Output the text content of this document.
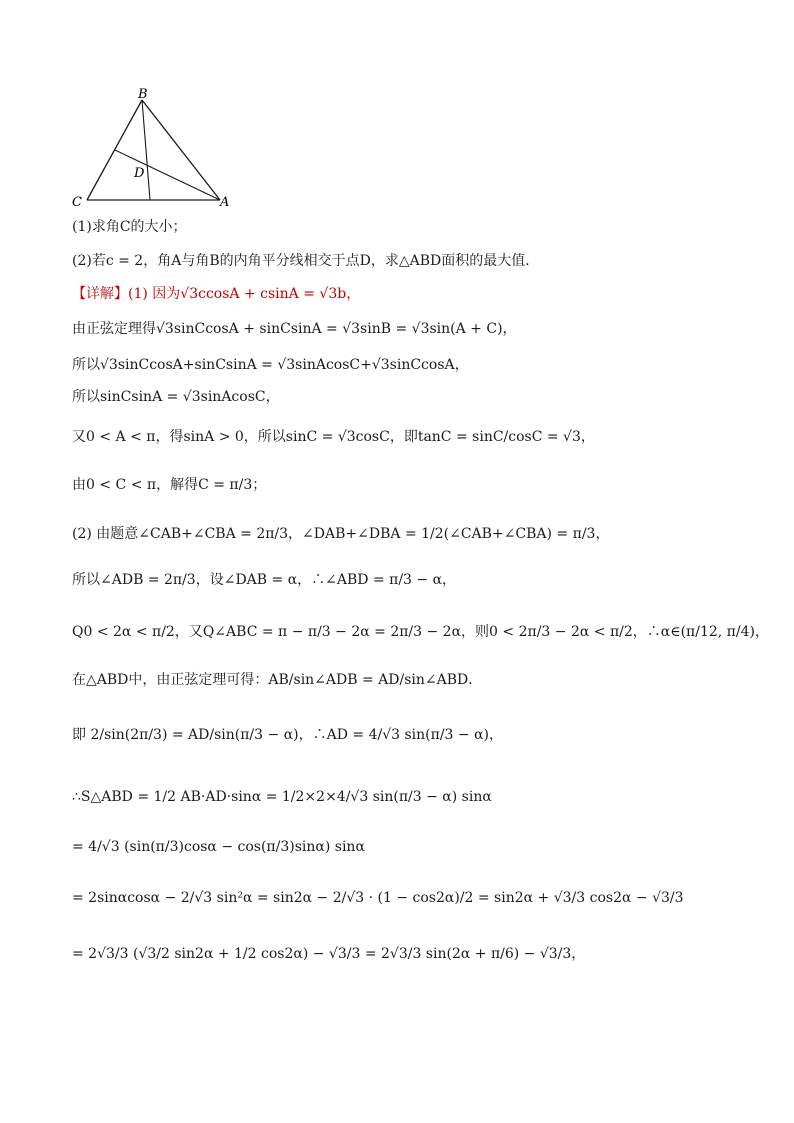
B
C	A
D
(1)求角C的大小；
(2)若c = 2，角A与角B的内角平分线相交于点D，求△ABD面积的最大值．
【详解】(1) 因为√3ccosA + csinA = √3b，
由正弦定理得√3sinCcosA + sinCsinA = √3sinB = √3sin(A + C)，
所以√3sinCcosA+sinCsinA = √3sinAcosC+√3sinCcosA，
所以sinCsinA = √3sinAcosC，
又0 < A < π，得sinA > 0，所以sinC = √3cosC，即tanC = sinC/cosC = √3，
由0 < C < π，解得C = π/3；
(2) 由题意∠CAB+∠CBA = 2π/3，∠DAB+∠DBA = 1/2(∠CAB+∠CBA) = π/3，
所以∠ADB = 2π/3，设∠DAB = α，∴∠ABD = π/3 − α，
Q0 < 2α < π/2，又Q∠ABC = π − π/3 − 2α = 2π/3 − 2α，则0 < 2π/3 − 2α < π/2，∴α∈(π/12, π/4)，
在△ABD中，由正弦定理可得：AB/sin∠ADB = AD/sin∠ABD．
即 2/sin(2π/3) = AD/sin(π/3 − α)，∴AD = 4/√3 sin(π/3 − α)，
∴S△ABD = 1/2 AB·AD·sinα = 1/2×2×4/√3 sin(π/3 − α) sinα
= 4/√3 (sin(π/3)cosα − cos(π/3)sinα) sinα
= 2sinαcosα − 2/√3 sin²α = sin2α − 2/√3 · (1 − cos2α)/2 = sin2α + √3/3 cos2α − √3/3
= 2√3/3 (√3/2 sin2α + 1/2 cos2α) − √3/3 = 2√3/3 sin(2α + π/6) − √3/3，
